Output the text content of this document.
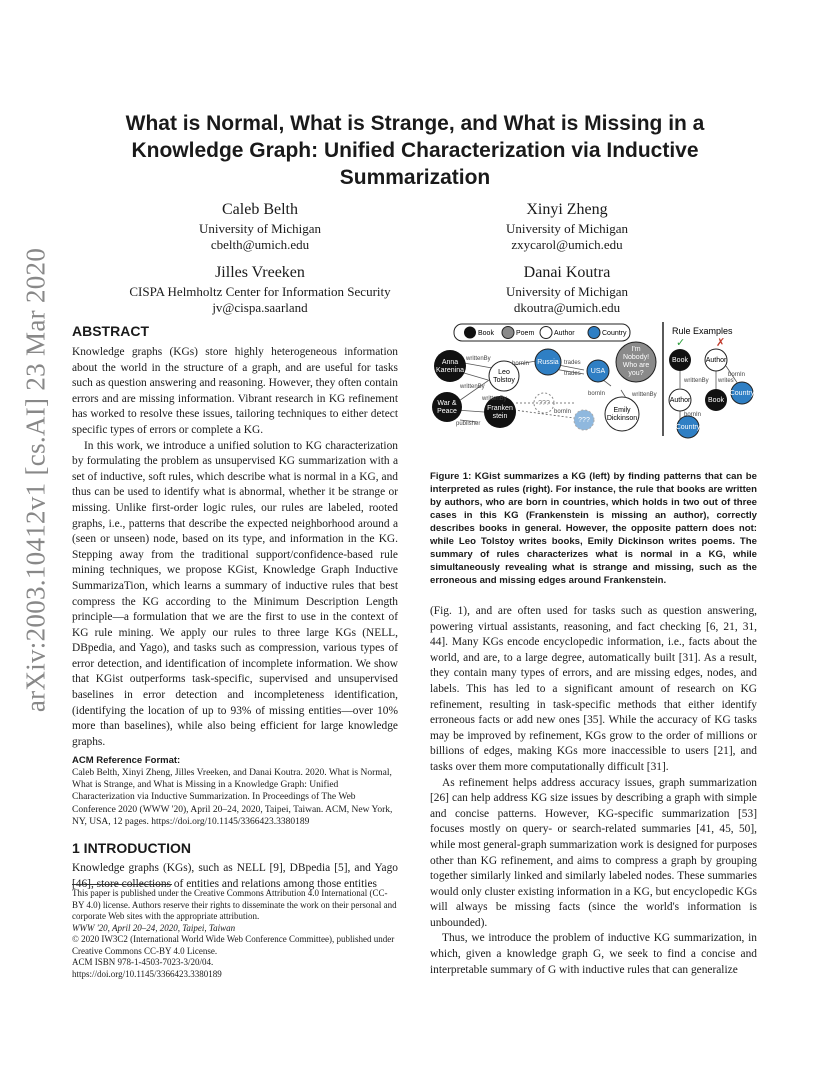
arXiv:2003.10412v1 [cs.AI] 23 Mar 2020
What is Normal, What is Strange, and What is Missing in a
Knowledge Graph: Unified Characterization via Inductive
Summarization
Caleb Belth
University of Michigan
cbelth@umich.edu
Xinyi Zheng
University of Michigan
zxycarol@umich.edu
Jilles Vreeken
CISPA Helmholtz Center for Information Security
jv@cispa.saarland
Danai Koutra
University of Michigan
dkoutra@umich.edu
ABSTRACT

Knowledge graphs (KGs) store highly heterogeneous information about the world in the structure of a graph, and are useful for tasks such as question answering and reasoning. However, they often contain errors and are missing information. Vibrant research in KG refinement has worked to resolve these issues, tailoring techniques to either detect specific types of errors or complete a KG.

In this work, we introduce a unified solution to KG characterization by formulating the problem as unsupervised KG summarization with a set of inductive, soft rules, which describe what is normal in a KG, and thus can be used to identify what is abnormal, whether it be strange or missing. Unlike first-order logic rules, our rules are labeled, rooted graphs, i.e., patterns that describe the expected neighborhood around a (seen or unseen) node, based on its type, and information in the KG. Stepping away from the traditional support/confidence-based rule mining techniques, we propose KGist, Knowledge Graph Inductive SummarizaTion, which learns a summary of inductive rules that best compress the KG according to the Minimum Description Length principle—a formulation that we are the first to use in the context of KG rule mining. We apply our rules to three large KGs (NELL, DBpedia, and Yago), and tasks such as compression, various types of error detection, and identification of incomplete information. We show that KGist outperforms task-specific, supervised and unsupervised baselines in error detection and incompleteness identification, (identifying the location of up to 93% of missing entities—over 10% more than baselines), while also being efficient for large knowledge graphs.

ACM Reference Format:
Caleb Belth, Xinyi Zheng, Jilles Vreeken, and Danai Koutra. 2020. What is Normal, What is Strange, and What is Missing in a Knowledge Graph: Unified Characterization via Inductive Summarization. In Proceedings of The Web Conference 2020 (WWW '20), April 20–24, 2020, Taipei, Taiwan. ACM, New York, NY, USA, 12 pages. https://doi.org/10.1145/3366423.3380189
1 INTRODUCTION

Knowledge graphs (KGs), such as NELL [9], DBpedia [5], and Yago [46], store collections of entities and relations among those entities

This paper is published under the Creative Commons Attribution 4.0 International (CC-BY 4.0) license. Authors reserve their rights to disseminate the work on their personal and corporate Web sites with the appropriate attribution.
WWW '20, April 20–24, 2020, Taipei, Taiwan
© 2020 IW3C2 (International World Wide Web Conference Committee), published under Creative Commons CC-BY 4.0 License.
ACM ISBN 978-1-4503-7023-3/20/04.
https://doi.org/10.1145/3366423.3380189
Book	Poem	Author	Country
Anna
Karenina	Leo
Tolstoy
Russia
USA
I'm
Nobody!
Who are
you?
War &
Peace	Franken
stein
???
???
Emily
Dickinson
writtenBy
bornIn	trades
trades
writtenBy
writtenBy
writtenBy
bornIn
publisher
bornIn
Rule Examples
✓	✗
Book
Author
Country
Author
Book
Country
writtenBy
bornIn
writes
bornIn

Figure 1: KGist summarizes a KG (left) by finding patterns that can be interpreted as rules (right). For instance, the rule that books are written by authors, who are born in countries, which holds in two out of three cases in this KG (Frankenstein is missing an author), correctly describes books in general. However, the opposite pattern does not: while Leo Tolstoy writes books, Emily Dickinson writes poems. The summary of rules characterizes what is normal in a KG, while simultaneously revealing what is strange and missing, such as the erroneous and missing edges around Frankenstein.

(Fig. 1), and are often used for tasks such as question answering, powering virtual assistants, reasoning, and fact checking [6, 21, 31, 44]. Many KGs encode encyclopedic information, i.e., facts about the world, and are, to a large degree, automatically built [31]. As a result, they contain many types of errors, and are missing edges, nodes, and labels. This has led to a significant amount of research on KG refinement, resulting in task-specific methods that either identify erroneous facts or add new ones [35]. While the accuracy of KG tasks may be improved by refinement, KGs grow to the order of millions or billions of edges, making KGs more inaccessible to users [21], and tasks over them more computationally difficult [31].

As refinement helps address accuracy issues, graph summarization [26] can help address KG size issues by describing a graph with simple and concise patterns. However, KG-specific summarization [53] focuses mostly on query- or search-related summaries [41, 45, 50], while most general-graph summarization work is designed for purposes other than KG refinement, and aims to compress a graph by grouping together similarly linked and similarly labeled nodes. These summaries would only cluster existing information in a KG, but encyclopedic KGs will always be missing facts (since the world's information is unbounded).

Thus, we introduce the problem of inductive KG summarization, in which, given a knowledge graph G, we seek to find a concise and interpretable summary of G with inductive rules that can generalize
